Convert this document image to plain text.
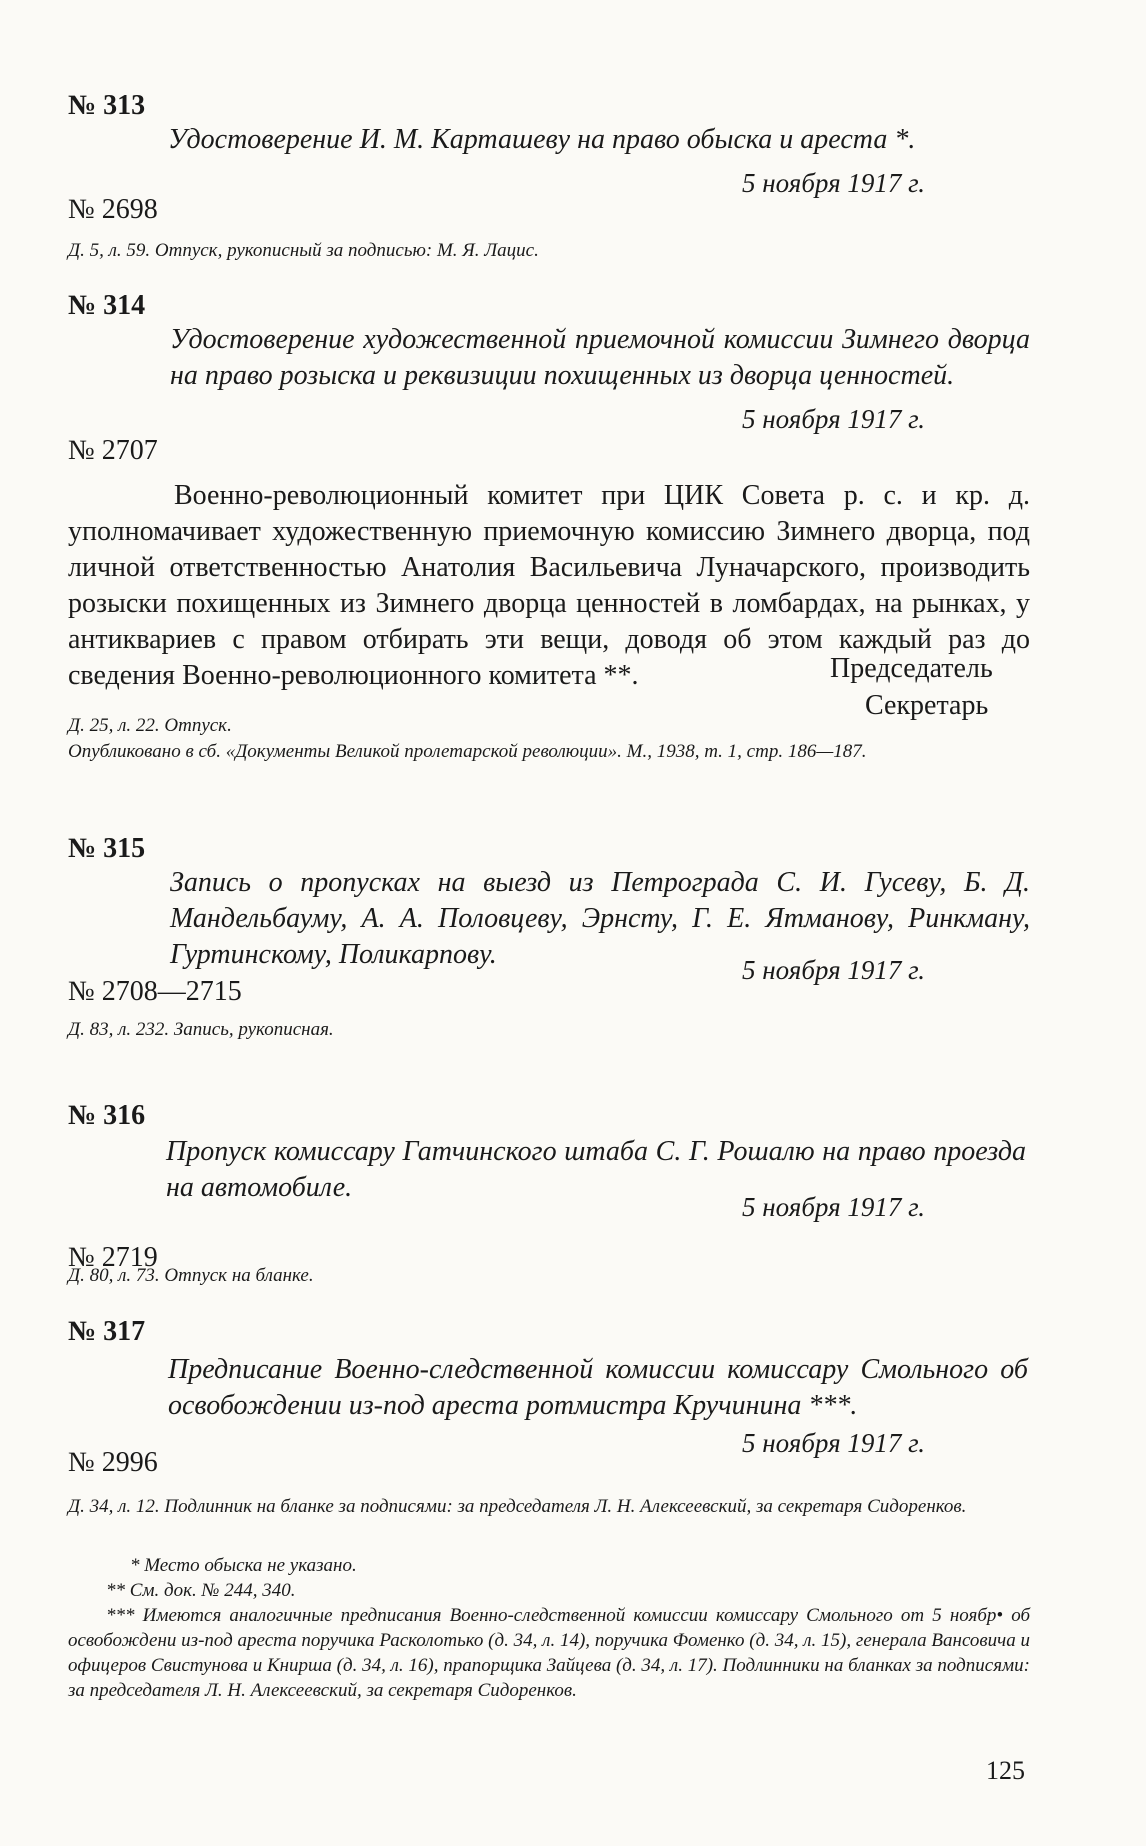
№ 313
Удостоверение И. М. Карташеву на право обыска и ареста *.
5 ноября 1917 г.
№ 2698
Д. 5, л. 59. Отпуск, рукописный за подписью: М. Я. Лацис.
№ 314
Удостоверение художественной приемочной комиссии Зимнего дворца на право розыска и реквизиции похищенных из дворца ценностей.
5 ноября 1917 г.
№ 2707
Военно-революционный комитет при ЦИК Совета р. с. и кр. д. уполномачивает художественную приемочную комиссию Зимнего дворца, под личной ответственностью Анатолия Васильевича Луначарского, производить розыски похищенных из Зимнего дворца ценностей в ломбардах, на рынках, у антиквариев с правом отбирать эти вещи, доводя об этом каждый раз до сведения Военно-революционного комитета **.	Председатель
Секретарь
Д. 25, л. 22. Отпуск.
Опубликовано в сб. «Документы Великой пролетарской революции». М., 1938, т. 1, стр. 186—187.
№ 315
Запись о пропусках на выезд из Петрограда С. И. Гусеву, Б. Д. Мандельбауму, А. А. Половцеву, Эрнсту, Г. Е. Ятманову, Ринкману, Гуртинскому, Поликарпову.	5 ноября 1917 г.
№ 2708—2715
Д. 83, л. 232. Запись, рукописная.
№ 316
Пропуск комиссару Гатчинского штаба С. Г. Рошалю на право проезда на автомобиле.
5 ноября 1917 г.
№ 2719
Д. 80, л. 73. Отпуск на бланке.
№ 317
Предписание Военно-следственной комиссии комиссару Смольного об освобождении из-под ареста ротмистра Кручинина ***.
5 ноября 1917 г.
№ 2996
Д. 34, л. 12. Подлинник на бланке за подписями: за председателя Л. Н. Алексеевский, за секретаря Сидоренков.
* Место обыска не указано.
** См. док. № 244, 340.
*** Имеются аналогичные предписания Военно-следственной комиссии комиссару Смольного от 5 ноябр• об освобождени из-под ареста поручика Расколотько (д. 34, л. 14), поручика Фоменко (д. 34, л. 15), генерала Вансовича и офицеров Свистунова и Книрша (д. 34, л. 16), прапорщика Зайцева (д. 34, л. 17). Подлинники на бланках за подписями: за председателя Л. Н. Алексеевский, за секретаря Сидоренков.
125
